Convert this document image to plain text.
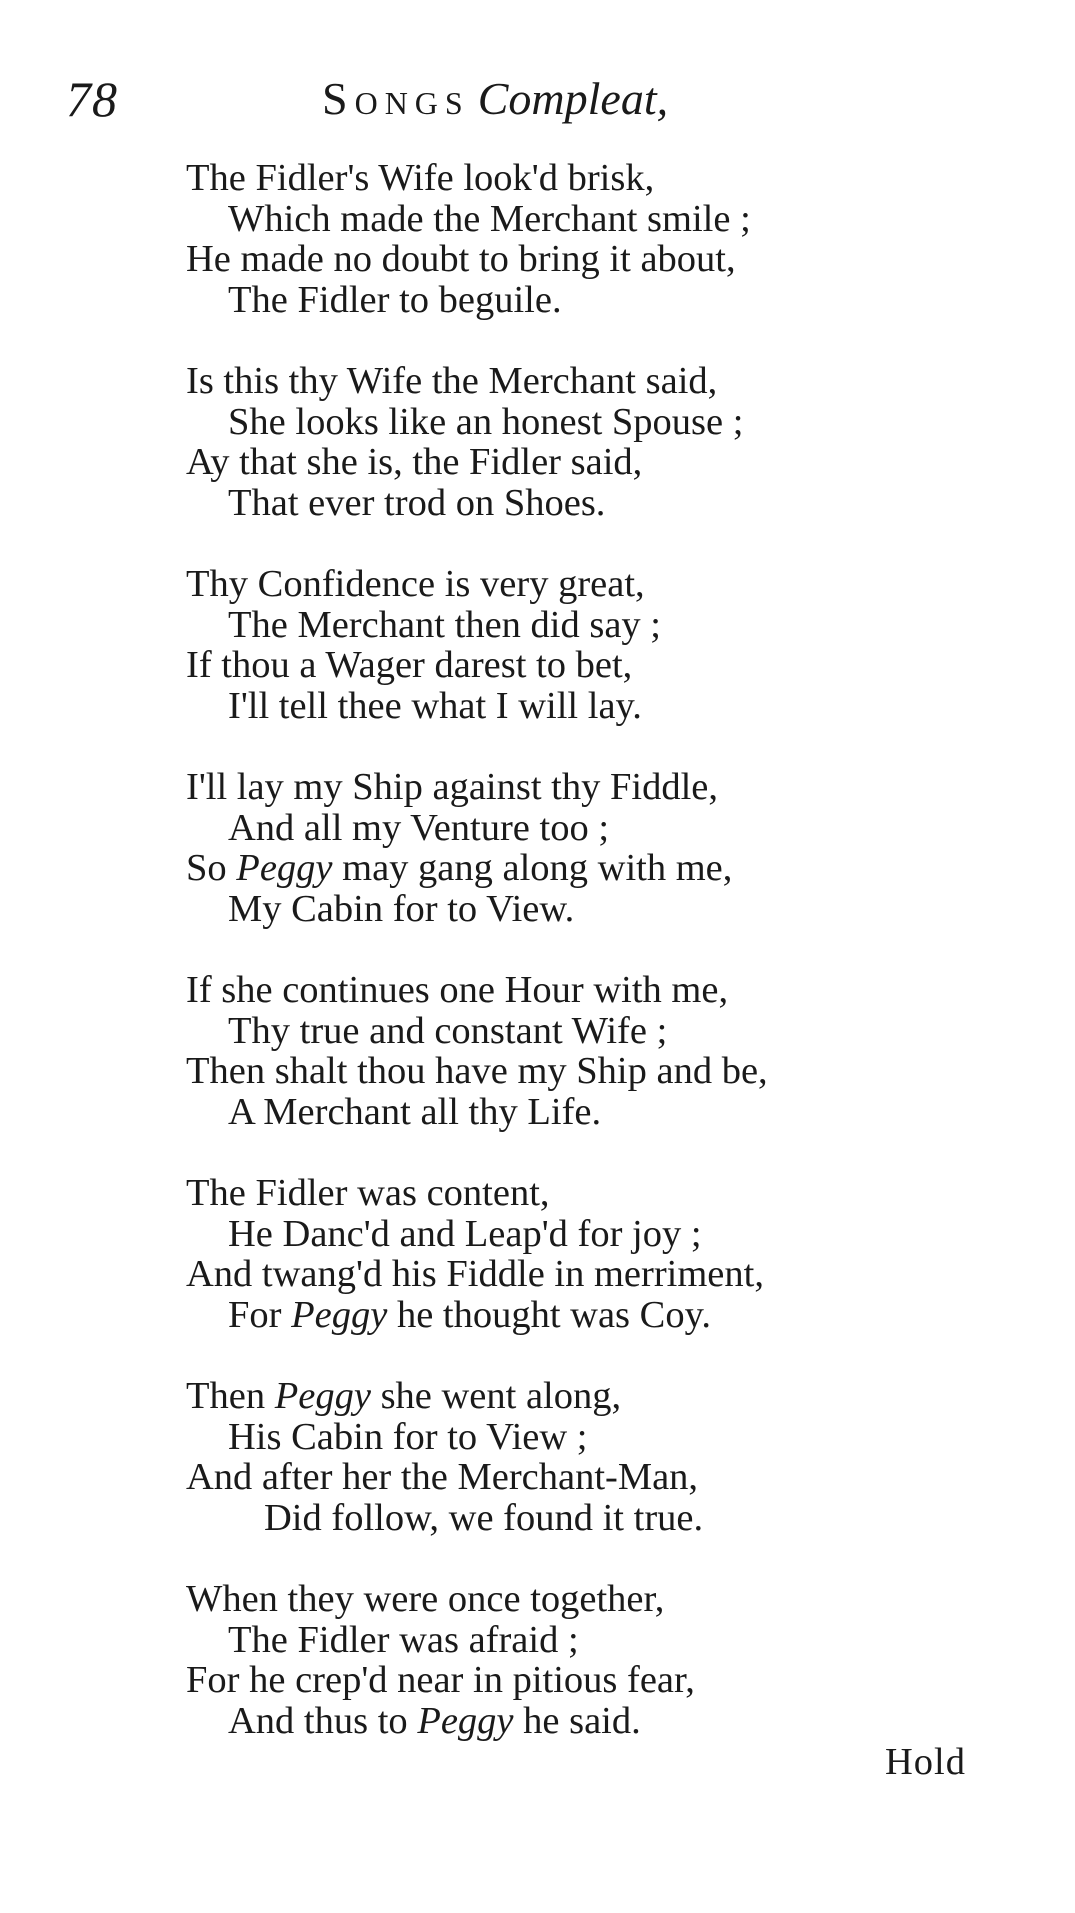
78	Songs Compleat,
The Fidler's Wife look'd brisk,
Which made the Merchant smile ;
He made no doubt to bring it about,
The Fidler to beguile.
Is this thy Wife the Merchant said,
She looks like an honest Spouse ;
Ay that she is, the Fidler said,
That ever trod on Shoes.
Thy Confidence is very great,
The Merchant then did say ;
If thou a Wager darest to bet,
I'll tell thee what I will lay.
I'll lay my Ship against thy Fiddle,
And all my Venture too ;
So Peggy may gang along with me,
My Cabin for to View.
If she continues one Hour with me,
Thy true and constant Wife ;
Then shalt thou have my Ship and be,
A Merchant all thy Life.
The Fidler was content,
He Danc'd and Leap'd for joy ;
And twang'd his Fiddle in merriment,
For Peggy he thought was Coy.
Then Peggy she went along,
His Cabin for to View ;
And after her the Merchant-Man,
Did follow, we found it true.
When they were once together,
The Fidler was afraid ;
For he crep'd near in pitious fear,
And thus to Peggy he said.
Hold
